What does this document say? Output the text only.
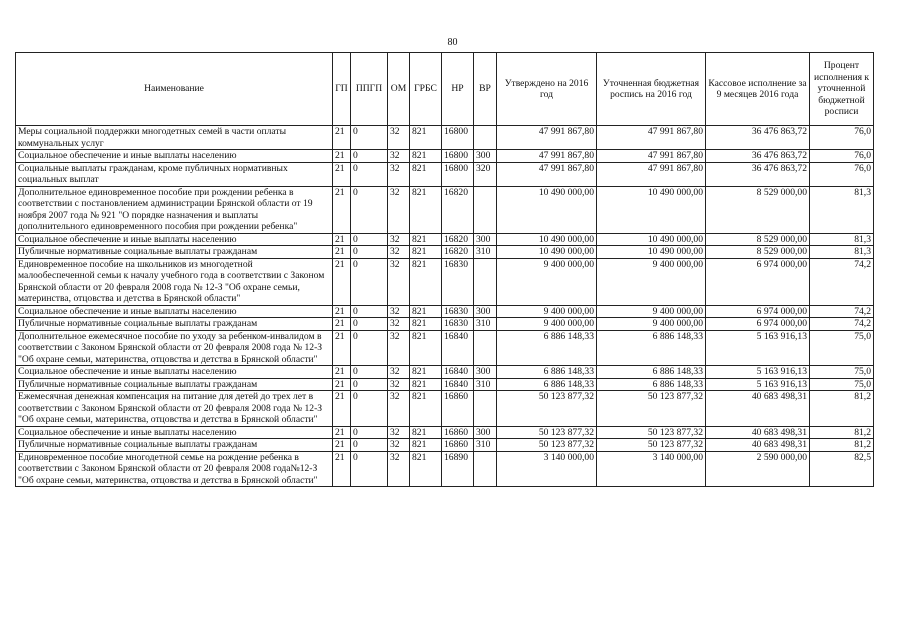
80
Наименование	ГП	ППГП	ОМ	ГРБС	НР	ВР	Утверждено на 2016 год	Уточненная бюджетная роспись на 2016 год	Кассовое исполнение за 9 месяцев 2016 года	Процент исполнения к уточненной бюджетной росписи
Меры социальной поддержки многодетных семей в части оплаты коммунальных услуг	21	0	32	821	16800		47 991 867,80	47 991 867,80	36 476 863,72	76,0
Социальное обеспечение и иные выплаты населению	21	0	32	821	16800	300	47 991 867,80	47 991 867,80	36 476 863,72	76,0
Социальные выплаты гражданам, кроме публичных нормативных социальных выплат	21	0	32	821	16800	320	47 991 867,80	47 991 867,80	36 476 863,72	76,0
Дополнительное единовременное пособие при рождении ребенка в соответствии с постановлением администрации Брянской области от 19 ноября 2007 года № 921 "О порядке назначения и выплаты дополнительного единовременного пособия при рождении ребенка"	21	0	32	821	16820		10 490 000,00	10 490 000,00	8 529 000,00	81,3
Социальное обеспечение и иные выплаты населению	21	0	32	821	16820	300	10 490 000,00	10 490 000,00	8 529 000,00	81,3
Публичные нормативные социальные выплаты гражданам	21	0	32	821	16820	310	10 490 000,00	10 490 000,00	8 529 000,00	81,3
Единовременное пособие на школьников из многодетной малообеспеченной семьи к началу учебного года в соответствии с Законом Брянской области от 20 февраля 2008 года № 12-З "Об охране семьи, материнства, отцовства и детства в Брянской области"	21	0	32	821	16830		9 400 000,00	9 400 000,00	6 974 000,00	74,2
Социальное обеспечение и иные выплаты населению	21	0	32	821	16830	300	9 400 000,00	9 400 000,00	6 974 000,00	74,2
Публичные нормативные социальные выплаты гражданам	21	0	32	821	16830	310	9 400 000,00	9 400 000,00	6 974 000,00	74,2
Дополнительное ежемесячное пособие по уходу за ребенком-инвалидом в соответствии с Законом Брянской области от 20 февраля 2008 года № 12-З "Об охране семьи, материнства, отцовства и детства в Брянской области"	21	0	32	821	16840		6 886 148,33	6 886 148,33	5 163 916,13	75,0
Социальное обеспечение и иные выплаты населению	21	0	32	821	16840	300	6 886 148,33	6 886 148,33	5 163 916,13	75,0
Публичные нормативные социальные выплаты гражданам	21	0	32	821	16840	310	6 886 148,33	6 886 148,33	5 163 916,13	75,0
Ежемесячная денежная компенсация на питание для детей до трех лет в соответствии с Законом Брянской области от 20 февраля 2008 года № 12-З "Об охране семьи, материнства, отцовства и детства в Брянской области"	21	0	32	821	16860		50 123 877,32	50 123 877,32	40 683 498,31	81,2
Социальное обеспечение и иные выплаты населению	21	0	32	821	16860	300	50 123 877,32	50 123 877,32	40 683 498,31	81,2
Публичные нормативные социальные выплаты гражданам	21	0	32	821	16860	310	50 123 877,32	50 123 877,32	40 683 498,31	81,2
Единовременное пособие многодетной семье на рождение ребенка в соответствии с Законом Брянской области от 20 февраля 2008 года№12-З "Об охране семьи, материнства, отцовства и детства в Брянской области"	21	0	32	821	16890		3 140 000,00	3 140 000,00	2 590 000,00	82,5
